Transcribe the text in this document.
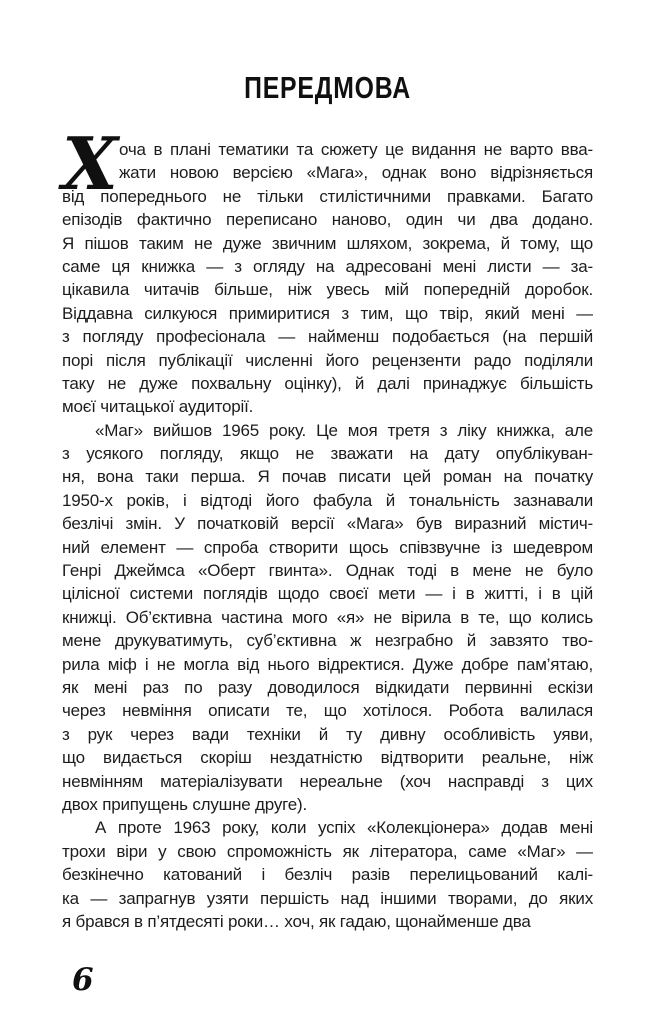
ПЕРЕДМОВА
Х оча в плані тематики та сюжету це видання не варто вва-
жати новою версією «Мага», однак воно відрізняється
від попереднього не тільки стилістичними правками. Багато
епізодів фактично переписано наново, один чи два додано.
Я пішов таким не дуже звичним шляхом, зокрема, й тому, що
саме ця книжка — з огляду на адресовані мені листи — за-
цікавила читачів більше, ніж увесь мій попередній доробок.
Віддавна силкуюся примиритися з тим, що твір, який мені —
з погляду професіонала — найменш подобається (на першій
порі після публікації численні його рецензенти радо поділяли
таку не дуже похвальну оцінку), й далі принаджує більшість
моєї читацької аудиторії.
«Маг» вийшов 1965 року. Це моя третя з ліку книжка, але
з усякого погляду, якщо не зважати на дату опублікуван-
ня, вона таки перша. Я почав писати цей роман на початку
1950-х років, і відтоді його фабула й тональність зазнавали
безлічі змін. У початковій версії «Мага» був виразний містич-
ний елемент — спроба створити щось співзвучне із шедевром
Генрі Джеймса «Оберт гвинта». Однак тоді в мене не було
цілісної системи поглядів щодо своєї мети — і в житті, і в цій
книжці. Об’єктивна частина мого «я» не вірила в те, що колись
мене друкуватимуть, суб’єктивна ж незграбно й завзято тво-
рила міф і не могла від нього відректися. Дуже добре пам’ятаю,
як мені раз по разу доводилося відкидати первинні ескізи
через невміння описати те, що хотілося. Робота валилася
з рук через вади техніки й ту дивну особливість уяви,
що видається скоріш нездатністю відтворити реальне, ніж
невмінням матеріалізувати нереальне (хоч насправді з цих
двох припущень слушне друге).
А проте 1963 року, коли успіх «Колекціонера» додав мені
трохи віри у свою спроможність як літератора, саме «Маг» —
безкінечно катований і безліч разів перелицьований калі-
ка — запрагнув узяти першість над іншими творами, до яких
я брався в п’ятдесяті роки… хоч, як гадаю, щонайменше два
6
